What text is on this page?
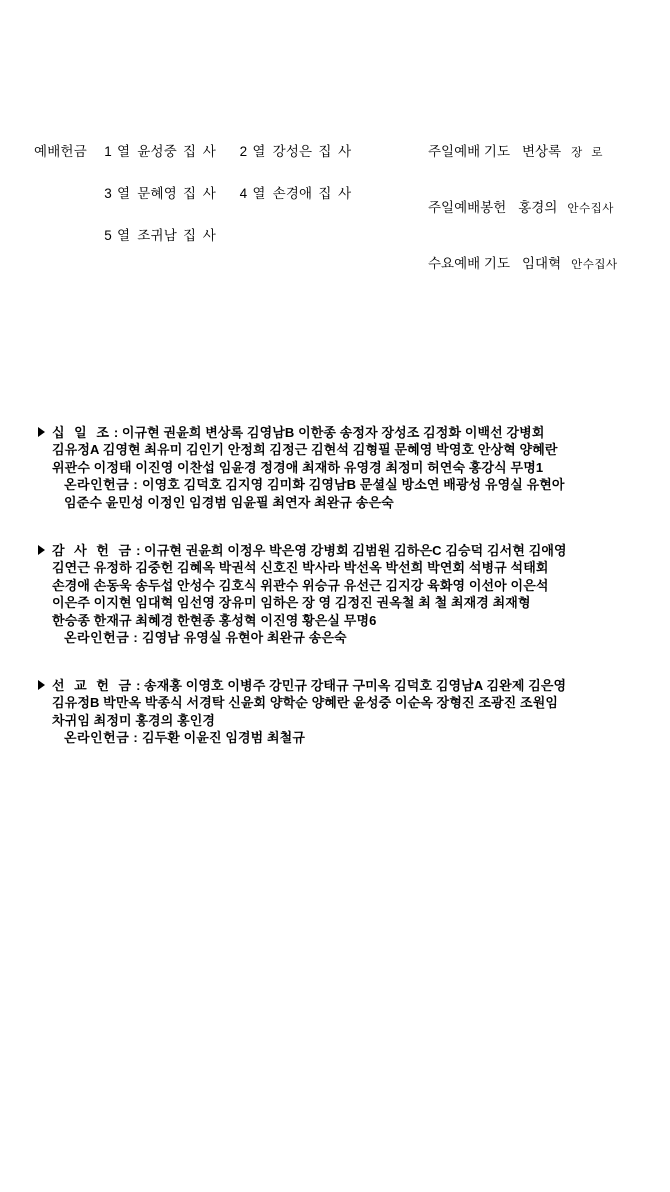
예배헌금	1 열 윤성중 집 사 2 열 강성은 집 사
3 열 문혜영 집 사 4 열 손경애 집 사
5 열 조귀남 집 사
주일예배 기도 변상록 장 로
주일예배봉헌 홍경의 안수집사
수요예배 기도 임대혁 안수집사
십 일 조 : 이규현 권윤희 변상록 김영남B 이한종 송정자 장성조 김정화 이백선 강병회
김유정A 김영현 최유미 김인기 안정희 김정근 김현석 김형필 문혜영 박영호 안상혁 양혜란
위관수 이정태 이진영 이찬섭 임윤경 정경애 최재하 유영경 최정미 허연숙 홍강식 무명1
온라인헌금 : 이영호 김덕호 김지영 김미화 김영남B 문셜실 방소연 배광성 유영실 유현아
임준수 윤민성 이정인 임경범 임윤필 최연자 최완규 송은숙
감 사 헌 금 : 이규현 권윤희 이정우 박은영 강병회 김범원 김하은C 김승덕 김서현 김애영
김연근 유정하 김중헌 김혜옥 박권석 신호진 박사라 박선옥 박선희 박연회 석병규 석태회
손경애 손동욱 송두섭 안성수 김호식 위관수 위승규 유선근 김지강 육화영 이선아 이은석
이은주 이지현 임대혁 임선영 장유미 임하은 장 영 김정진 권옥철 최 철 최재경 최재형
한승종 한재규 최혜경 한현종 홍성혁 이진영 황은실 무명6
온라인헌금 : 김영남 유영실 유현아 최완규 송은숙
선 교 헌 금 : 송재홍 이영호 이병주 강민규 강태규 구미옥 김덕호 김영남A 김완제 김은영
김유정B 박만옥 박종식 서경탁 신윤회 양학순 양혜란 윤성중 이순옥 장형진 조광진 조원임
차귀임 최정미 홍경의 홍인경
온라인헌금 : 김두환 이윤진 임경범 최철규
